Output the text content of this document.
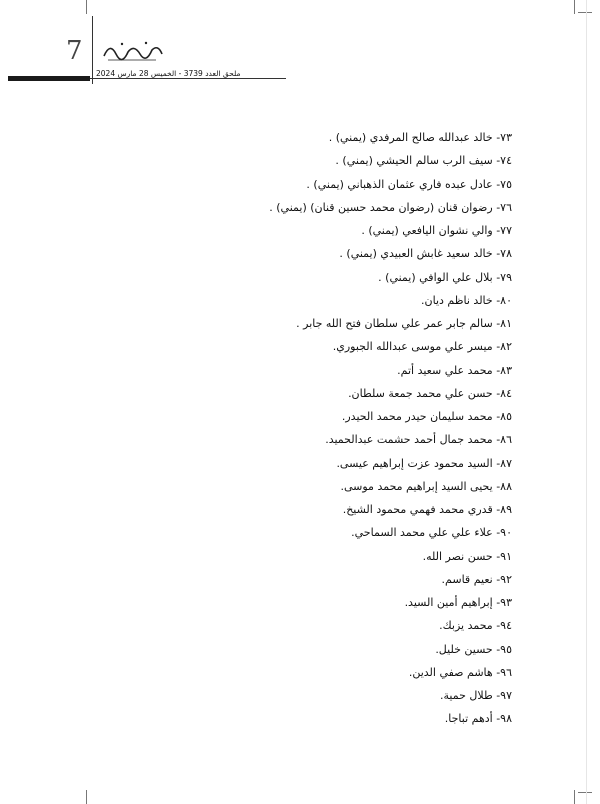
7
ملحق العدد 3739 - الخميس 28 مارس 2024
٧٣- خالد عبدالله صالح المرفدي (يمني) .
٧٤- سيف الرب سالم الحيشي (يمني) .
٧٥- عادل عبده فاري عثمان الذهباني (يمني) .
٧٦- رضوان قنان (رضوان محمد حسين قنان) (يمني) .
٧٧- والي نشوان اليافعي (يمني) .
٧٨- خالد سعيد غابش العبيدي (يمني) .
٧٩- بلال علي الوافي (يمني) .
٨٠- خالد ناظم ديان.
٨١- سالم جابر عمر علي سلطان فتح الله جابر .
٨٢- ميسر علي موسى عبدالله الجبوري.
٨٣- محمد علي سعيد أتم.
٨٤- حسن علي محمد جمعة سلطان.
٨٥- محمد سليمان حيدر محمد الحيدر.
٨٦- محمد جمال أحمد حشمت عبدالحميد.
٨٧- السيد محمود عزت إبراهيم عيسى.
٨٨- يحيى السيد إبراهيم محمد موسى.
٨٩- قدري محمد فهمي محمود الشيخ.
٩٠- علاء علي علي محمد السماحي.
٩١- حسن نصر الله.
٩٢- نعيم قاسم.
٩٣- إبراهيم أمين السيد.
٩٤- محمد يزبك.
٩٥- حسين خليل.
٩٦- هاشم صفي الدين.
٩٧- طلال حمية.
٩٨- أدهم تباجا.
